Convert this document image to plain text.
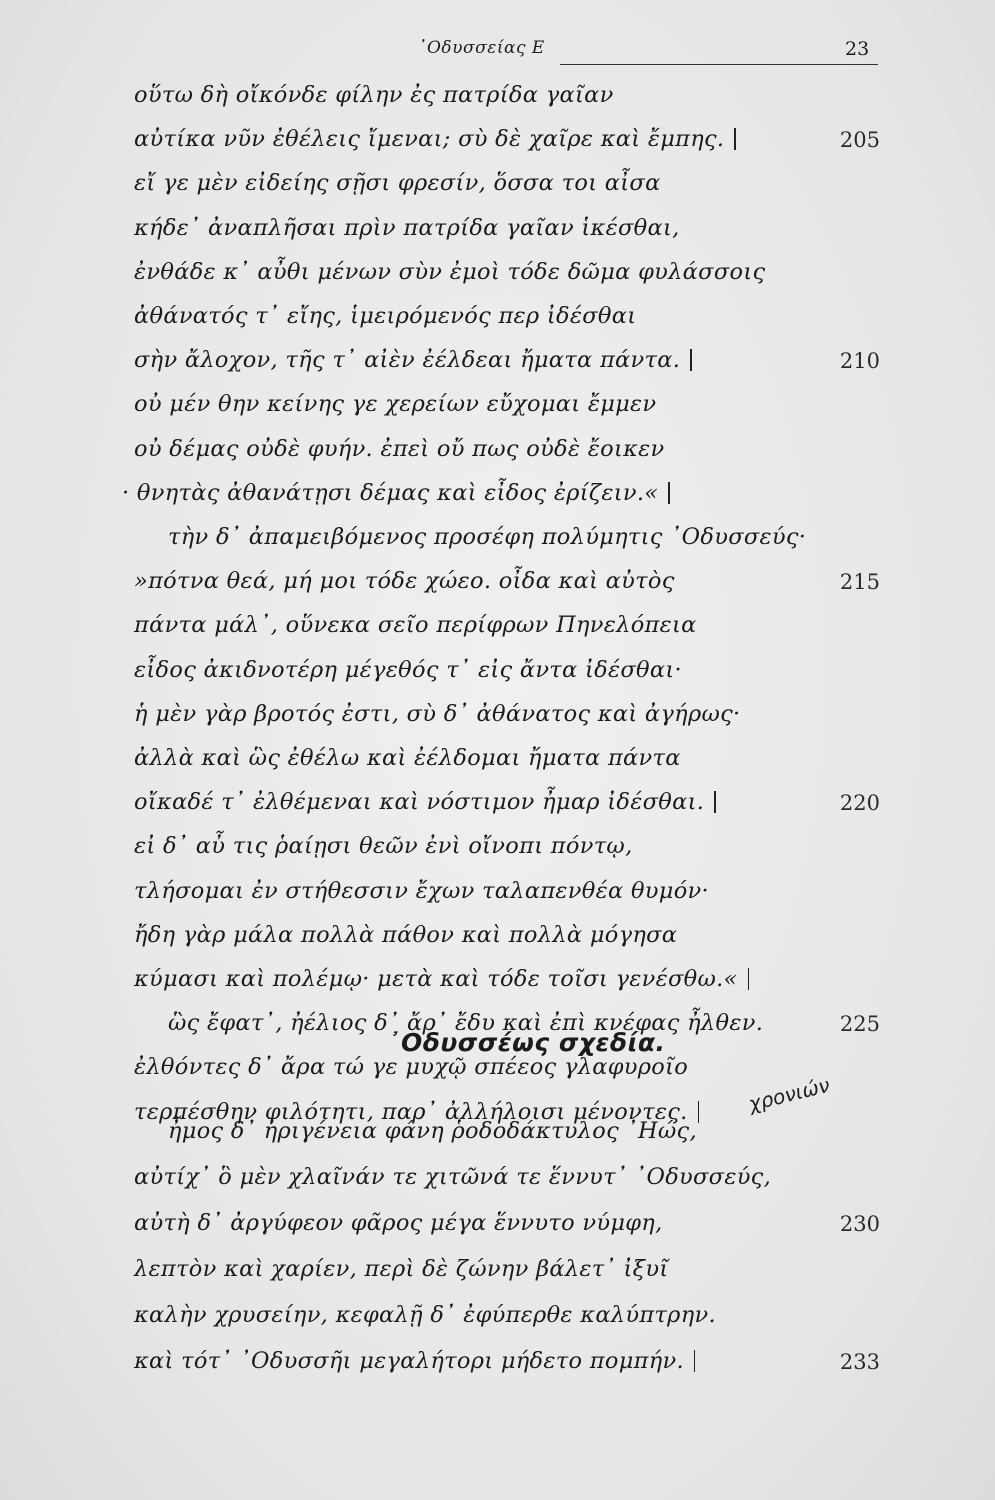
᾽Οδυσσείας Ε	23
οὕτω δὴ οἴκόνδε φίλην ἐς πατρίδα γαῖαν
αὐτίκα νῦν ἐθέλεις ἴμεναι; σὺ δὲ χαῖρε καὶ ἔμπης.	205
εἴ γε μὲν εἰδείης σῇσι φρεσίν, ὅσσα τοι αἶσα
κήδε᾽ ἀναπλῆσαι πρὶν πατρίδα γαῖαν ἱκέσθαι,
ἐνθάδε κ᾽ αὖθι μένων σὺν ἐμοὶ τόδε δῶμα φυλάσσοις
ἀθάνατός τ᾽ εἴης, ἱμειρόμενός περ ἰδέσθαι
σὴν ἄλοχον, τῆς τ᾽ αἰὲν ἐέλδεαι ἤματα πάντα.	210
οὐ μέν θην κείνης γε χερείων εὔχομαι ἔμμεν
οὐ δέμας οὐδὲ φυήν. ἐπεὶ οὔ πως οὐδὲ ἔοικεν
· θνητὰς ἀθανάτῃσι δέμας καὶ εἶδος ἐρίζειν.«
τὴν δ᾽ ἀπαμειβόμενος προσέφη πολύμητις ᾽Οδυσσεύς·
»πότνα θεά, μή μοι τόδε χώεο. οἶδα καὶ αὐτὸς	215
πάντα μάλ᾽, οὕνεκα σεῖο περίφρων Πηνελόπεια
εἶδος ἀκιδνοτέρη μέγεθός τ᾽ εἰς ἄντα ἰδέσθαι·
ἡ μὲν γὰρ βροτός ἐστι, σὺ δ᾽ ἀθάνατος καὶ ἀγήρως·
ἀλλὰ καὶ ὣς ἐθέλω καὶ ἐέλδομαι ἤματα πάντα
οἴκαδέ τ᾽ ἐλθέμεναι καὶ νόστιμον ἦμαρ ἰδέσθαι.	220
εἰ δ᾽ αὖ τις ῥαίῃσι θεῶν ἐνὶ οἴνοπι πόντῳ,
τλήσομαι ἐν στήθεσσιν ἔχων ταλαπενθέα θυμόν·
ἤδη γὰρ μάλα πολλὰ πάθον καὶ πολλὰ μόγησα
κύμασι καὶ πολέμῳ· μετὰ καὶ τόδε τοῖσι γενέσθω.«
ὣς ἔφατ᾽, ἠέλιος δ᾽ ἄρ᾽ ἔδυ καὶ ἐπὶ κνέφας ἦλθεν.	225
ἐλθόντες δ᾽ ἄρα τώ γε μυχῷ σπέεος γλαφυροῖο
τερπέσθην φιλότητι, παρ᾽ ἀλλήλοισι μένοντες.
ἦμος δ᾽ ἠριγένεια φάνη ῥοδοδάκτυλος ᾽Ηώς,
αὐτίχ᾽ ὃ μὲν χλαῖνάν τε χιτῶνά τε ἕννυτ᾽ ᾽Οδυσσεύς,
αὐτὴ δ᾽ ἀργύφεον φᾶρος μέγα ἕννυτο νύμφη,	230
λεπτὸν καὶ χαρίεν, περὶ δὲ ζώνην βάλετ᾽ ἰξυῖ
καλὴν χρυσείην, κεφαλῇ δ᾽ ἐφύπερθε καλύπτρην.
καὶ τότ᾽ ᾽Οδυσσῆι μεγαλήτορι μήδετο πομπήν.	233
᾽Οδυσσέως σχεδία.
χρονιών
